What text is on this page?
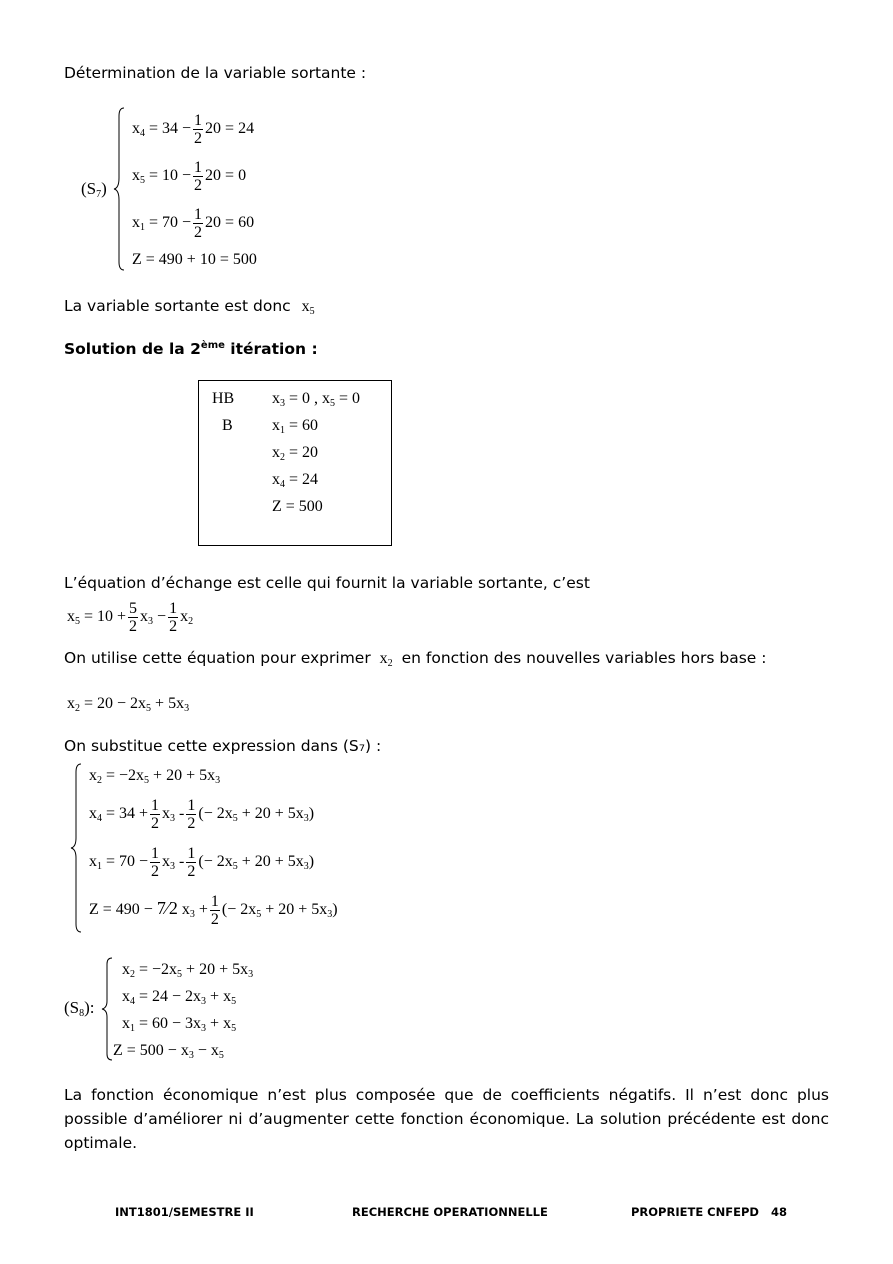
Détermination de la variable sortante :
$(S_7)$
$x_4 = 34 - \frac{1}{2} 20 = 24$
$x_5 = 10 - \frac{1}{2} 20 = 0$
$x_1 = 70 - \frac{1}{2} 20 = 60$
Z = 490 + 10 = 500
La variable sortante est donc $x_5$
Solution de la 2ème itération :
HB
B
$x_3 = 0$ , $x_5 = 0$
$x_1 = 60$
$x_2 = 20$
$x_4 = 24$
Z = 500
L’équation d’échange est celle qui fournit la variable sortante, c’est
$x_5 = 10 + \frac{5}{2} x_3 - \frac{1}{2} x_2$
On utilise cette équation pour exprimer $x_2$ en fonction des nouvelles variables hors base :
$x_2 = 20 - 2x_5 + 5x_3$
On substitue cette expression dans (S₇) :
$x_2 = -2x_5 + 20 + 5x_3$
$x_4 = 34 + \frac{1}{2} x_3 - \frac{1}{2}$ (− $2x_5 + 20 + 5x_3$)
$x_1 = 70 - \frac{1}{2} x_3 - \frac{1}{2}$ (− $2x_5 + 20 + 5x_3$)
Z = 490 − 7⁄2 $x_3 + \frac{1}{2}$ (− $2x_5 + 20 + 5x_3$)
$(S_8)$:
$x_2 = -2x_5 + 20 + 5x_3$
$x_4 = 24 - 2x_3 + x_5$
$x_1 = 60 - 3x_3 + x_5$
$Z = 500 - x_3 - x_5$
La fonction économique n’est plus composée que de coefficients négatifs. Il n’est donc plus possible d’améliorer ni d’augmenter cette fonction économique. La solution précédente est donc optimale.
INT1801/SEMESTRE II	RECHERCHE OPERATIONNELLE	PROPRIETE CNFEPD 48
